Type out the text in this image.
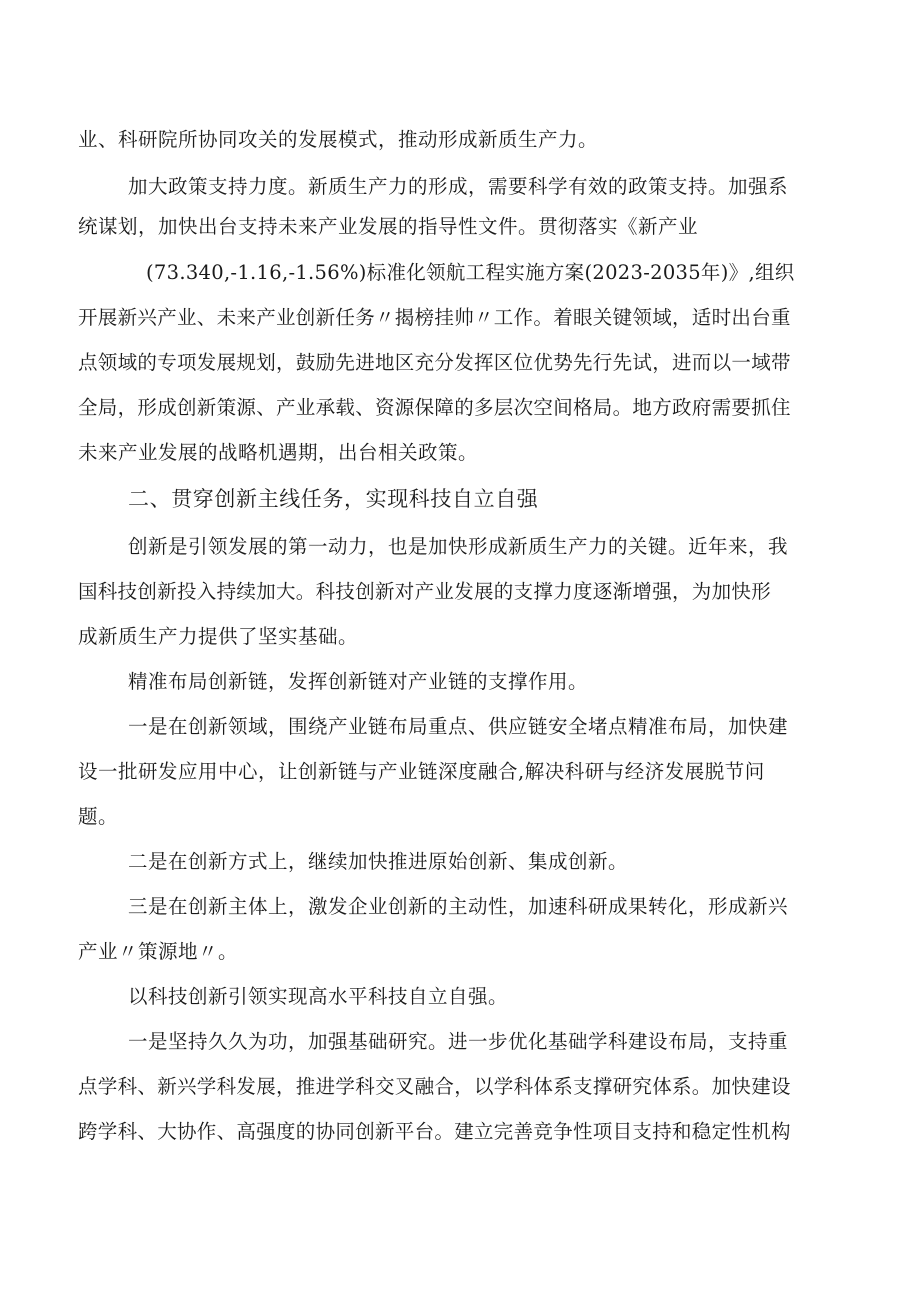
业、科研院所协同攻关的发展模式，推动形成新质生产力。
加大政策支持力度。新质生产力的形成，需要科学有效的政策支持。加强系
统谋划，加快出台支持未来产业发展的指导性文件。贯彻落实《新产业
(73.340,-1.16,-1.56%)标准化领航工程实施方案(2023-2035年)》,组织
开展新兴产业、未来产业创新任务〃揭榜挂帅〃工作。着眼关键领域，适时出台重
点领域的专项发展规划，鼓励先进地区充分发挥区位优势先行先试，进而以一域带
全局，形成创新策源、产业承载、资源保障的多层次空间格局。地方政府需要抓住
未来产业发展的战略机遇期，出台相关政策。
二、贯穿创新主线任务，实现科技自立自强
创新是引领发展的第一动力，也是加快形成新质生产力的关键。近年来，我
国科技创新投入持续加大。科技创新对产业发展的支撑力度逐渐增强，为加快形
成新质生产力提供了坚实基础。
精准布局创新链，发挥创新链对产业链的支撑作用。
一是在创新领域，围绕产业链布局重点、供应链安全堵点精准布局，加快建
设一批研发应用中心，让创新链与产业链深度融合,解决科研与经济发展脱节问
题。
二是在创新方式上，继续加快推进原始创新、集成创新。
三是在创新主体上，激发企业创新的主动性，加速科研成果转化，形成新兴
产业〃策源地〃。
以科技创新引领实现高水平科技自立自强。
一是坚持久久为功，加强基础研究。进一步优化基础学科建设布局，支持重
点学科、新兴学科发展，推进学科交叉融合，以学科体系支撑研究体系。加快建设
跨学科、大协作、高强度的协同创新平台。建立完善竞争性项目支持和稳定性机构
